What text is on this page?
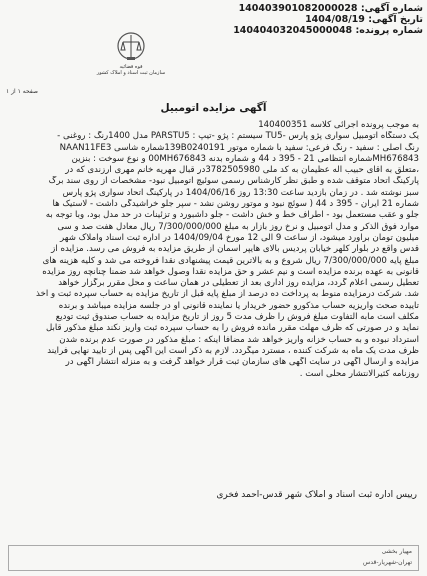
شماره آگهی: 140403901082000028
تاریخ آگهی: 1404/08/19
شماره پرونده: 140404032045000048
قوه قضائیه
سازمان ثبت اسناد و املاک کشور
صفحه ۱ از ۱
آگهی مزایده اتومبیل

به موجب پرونده اجرائی کلاسه 140400351

یک دستگاه اتومبیل سواری پژو پارس -TU5 سیستم : پژو -تیپ : PARSTU5 مدل 1400رنگ : روغنی -

رنگ اصلی : سفید - رنگ فرعی: سفید با شماره موتور 139B0240191شماره شاسی NAAN11FE3

MH676843شماره انتظامی 21 - 395 د 44 و شماره بدنه 00MH676843 و نوع سوخت : بنزین

،متعلق به آقای حبیب اله عظیمان به کد ملی 3782505980در قبال مهریه خانم مهری آرزندی که در

پارکینگ اتحاد متوقف شده و طبق نظر کارشناس رسمی سوئیچ اتومبیل نبود- مشخصات از روی سند برگ

سبز نوشته شد . در زمان بازدید ساعت 13:30 روز 1404/06/16 در پارکینگ اتحاد سواری پژو پارس

شماره 21 ایران - 395 د 44 ( سوئچ نبود و موتور روشن نشد - سپر جلو خراشیدگی داشت - لاستیک ها

جلو و عقب مستعمل بود - اطراف خط و خش داشت - جلو داشبورد و تزئینات در حد مدل بود، وبا توجه به

موارد فوق الذکر و مدل اتومبیل و نرخ روز بازار به مبلغ 7/300/000/000 ریال معادل هفت صد و سی

میلیون تومان برآورد میشود، از ساعت 9 الی 12 مورخ 1404/09/04 در اداره ثبت اسناد واملاک شهر

قدس واقع در بلوار کلهر خیابان پردیس بالای هایپر اسمان از طریق مزایده به فروش می رسد. مزایده از

مبلغ پایه 7/300/000/000 ریال شروع و به بالاترین قیمت پیشنهادی نقداً فروخته می شد و کلیه هزینه های

قانونی به عهده برنده مزایده است و نیم عشر و حق مزایده نقداً وصول خواهد شد ضمناً چنانچه روز مزایده

تعطیل رسمی اعلام گردد، مزایده روز اداری بعد از تعطیلی در همان ساعت و محل مقرر برگزار خواهد

شد. شرکت درمزایده منوط به پرداخت ده درصد از مبلغ پایه قبل از تاریخ مزایده به حساب سپرده ثبت و اخذ

تاییده صحت واریزیه حساب مذکورو حضور خریدار یا نماینده قانونی او در جلسه مزایده میباشد و برنده

مکلف است مابه التفاوت مبلغ فروش را ظرف مدت 5 روز از تاریخ مزایده به حساب صندوق ثبت تودیع

نماید و در صورتی که ظرف مهلت مقرر مانده فروش را به حساب سپرده ثبت واریز نکند مبلغ مذکور قابل

استرداد نبوده و به حساب خزانه واریز خواهد شد مضافاً اینکه : مبلغ مذکور در صورت عدم برنده شدن

ظرف مدت یک ماه به شرکت کننده ، مسترد میگردد. لازم به ذکر است این آگهی پس از تایید نهایی فرآیند

مزایده و ارسال آگهی در سایت آگهی های سازمان ثبت قرار خواهد گرفت و به منزله انتشار آگهی در

روزنامه کثیرالانتشار محلی است .

رییس اداره ثبت اسناد و املاک شهر قدس-احمد فخری
مهیار بخشی
تهران-شهریار-قدس
